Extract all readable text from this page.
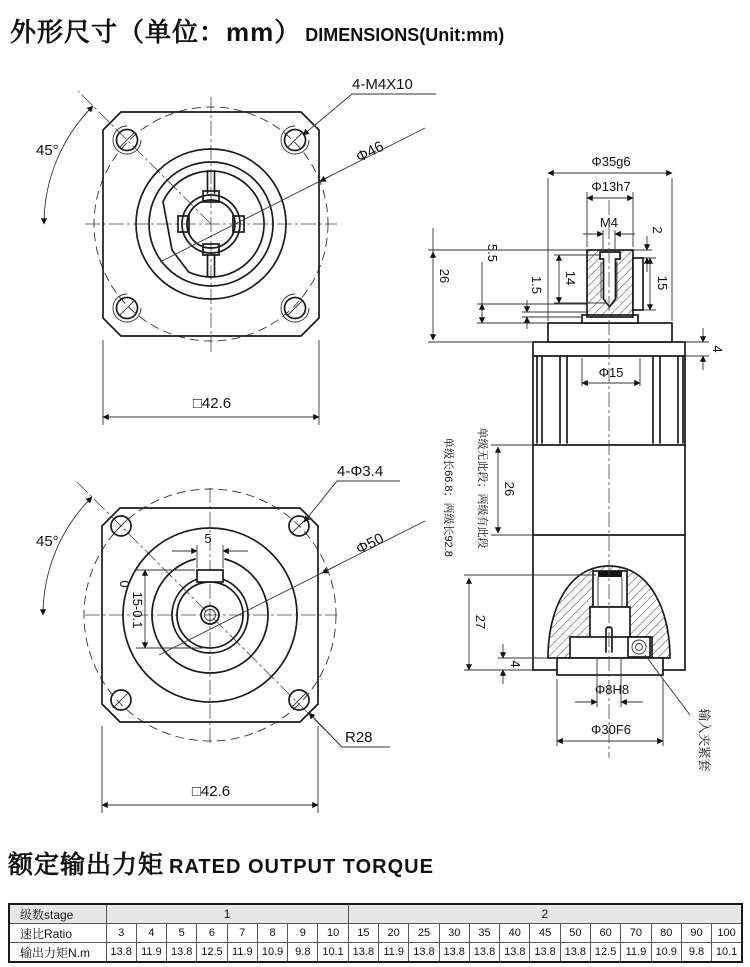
外形尺寸（单位：mm） DIMENSIONS(Unit:mm)
45°
4-M4X10
Φ46
□42.6
45°
4-Φ3.4
Φ50
5
0
15-0.1
R28
□42.6
Φ35g6
Φ13h7
M4 2
15
14
1.5
5.5
26
4
Φ15
26
单级无此段；两级有此段
单级长66.8；两级长92.8
27
4
Φ8H8
Φ30F6	输入夹紧套
额定输出力矩 RATED OUTPUT TORQUE
级数stage	1								2												
速比Ratio	3	4	5	6	7	8	9	10	15	20	25	30	35	40	45	50	60	70	80	90	100
输出力矩N.m	13.8	11.9	13.8	12.5	11.9	10.9	9.8	10.1	13.8	11.9	13.8	13.8	13.8	13.8	13.8	13.8	12.5	11.9	10.9	9.8	10.1
